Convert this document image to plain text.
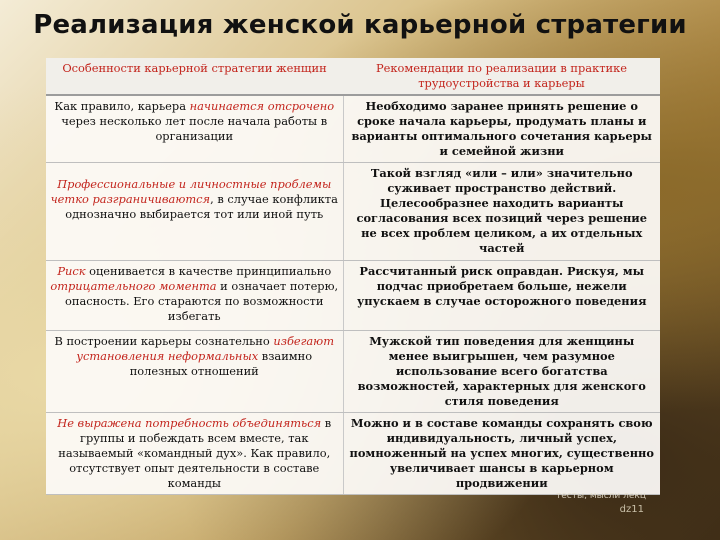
Реализация женской карьерной стратегии
Особенности карьерной стратегии женщин	Рекомендации по реализации в практике трудоустройства и карьеры
Как правило, карьера начинается отсрочено через несколько лет после начала работы в организации	Необходимо заранее принять решение о сроке начала карьеры, продумать планы и варианты оптимального сочетания карьеры и семейной жизни
Профессиональные и личностные проблемы четко разграничиваются, в случае конфликта однозначно выбирается тот или иной путь	Такой взгляд «или – или» значительно суживает пространство действий. Целесообразнее находить варианты согласования всех позиций через решение не всех проблем целиком, а их отдельных частей
Риск оценивается в качестве принципиально отрицательного момента и означает потерю, опасность. Его стараются по возможности избегать	Рассчитанный риск оправдан. Рискуя, мы подчас приобретаем больше, нежели упускаем в случае осторожного поведения
В построении карьеры сознательно избегают установления неформальных взаимно полезных отношений	Мужской тип поведения для женщины менее выигрышен, чем разумное использование всего богатства возможностей, характерных для женского стиля поведения
Не выражена потребность объединяться в группы и побеждать всем вместе, так называемый «командный дух». Как правило, отсутствует опыт деятельности в составе команды	Можно и в составе команды сохранять свою индивидуальность, личный успех, помноженный на успех многих, существенно увеличивает шансы в карьерном продвижении
тесты, мысли лекц
dz11
